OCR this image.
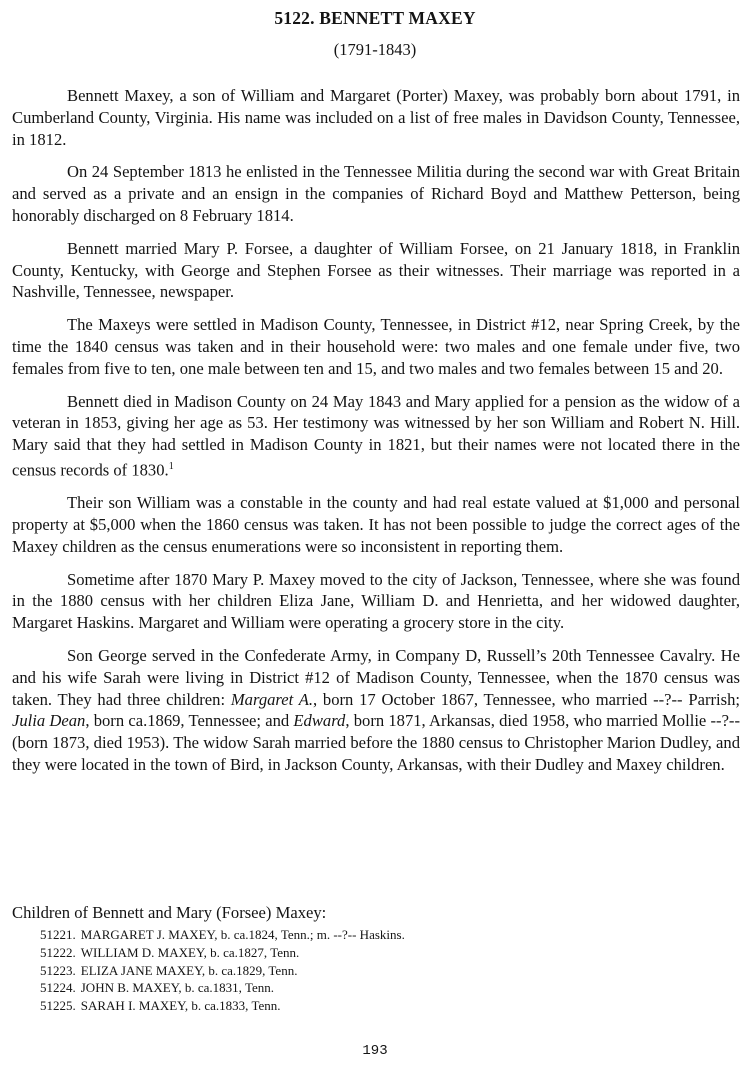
5122. BENNETT MAXEY
(1791-1843)

Bennett Maxey, a son of William and Margaret (Porter) Maxey, was probably born about 1791, in Cumberland County, Virginia. His name was included on a list of free males in Davidson County, Tennessee, in 1812.

On 24 September 1813 he enlisted in the Tennessee Militia during the second war with Great Britain and served as a private and an ensign in the companies of Richard Boyd and Matthew Petterson, being honorably discharged on 8 February 1814.

Bennett married Mary P. Forsee, a daughter of William Forsee, on 21 January 1818, in Franklin County, Kentucky, with George and Stephen Forsee as their witnesses. Their marriage was reported in a Nashville, Tennessee, newspaper.

The Maxeys were settled in Madison County, Tennessee, in District #12, near Spring Creek, by the time the 1840 census was taken and in their household were: two males and one female under five, two females from five to ten, one male between ten and 15, and two males and two females between 15 and 20.

Bennett died in Madison County on 24 May 1843 and Mary applied for a pension as the widow of a veteran in 1853, giving her age as 53. Her testimony was witnessed by her son William and Robert N. Hill. Mary said that they had settled in Madison County in 1821, but their names were not located there in the census records of 1830.$^1$

Their son William was a constable in the county and had real estate valued at $1,000 and personal property at $5,000 when the 1860 census was taken. It has not been possible to judge the correct ages of the Maxey children as the census enumerations were so inconsistent in reporting them.

Sometime after 1870 Mary P. Maxey moved to the city of Jackson, Tennessee, where she was found in the 1880 census with her children Eliza Jane, William D. and Henrietta, and her widowed daughter, Margaret Haskins. Margaret and William were operating a grocery store in the city.

Son George served in the Confederate Army, in Company D, Russell’s 20th Tennessee Cavalry. He and his wife Sarah were living in District #12 of Madison County, Tennessee, when the 1870 census was taken. They had three children: Margaret A., born 17 October 1867, Tennessee, who married --?-- Parrish; Julia Dean, born ca.1869, Tennessee; and Edward, born 1871, Arkansas, died 1958, who married Mollie --?-- (born 1873, died 1953). The widow Sarah married before the 1880 census to Christopher Marion Dudley, and they were located in the town of Bird, in Jackson County, Arkansas, with their Dudley and Maxey children.

Children of Bennett and Mary (Forsee) Maxey:

51221. MARGARET J. MAXEY, b. ca.1824, Tenn.; m. --?-- Haskins.
51222. WILLIAM D. MAXEY, b. ca.1827, Tenn.
51223. ELIZA JANE MAXEY, b. ca.1829, Tenn.
51224. JOHN B. MAXEY, b. ca.1831, Tenn.
51225. SARAH I. MAXEY, b. ca.1833, Tenn.
193
